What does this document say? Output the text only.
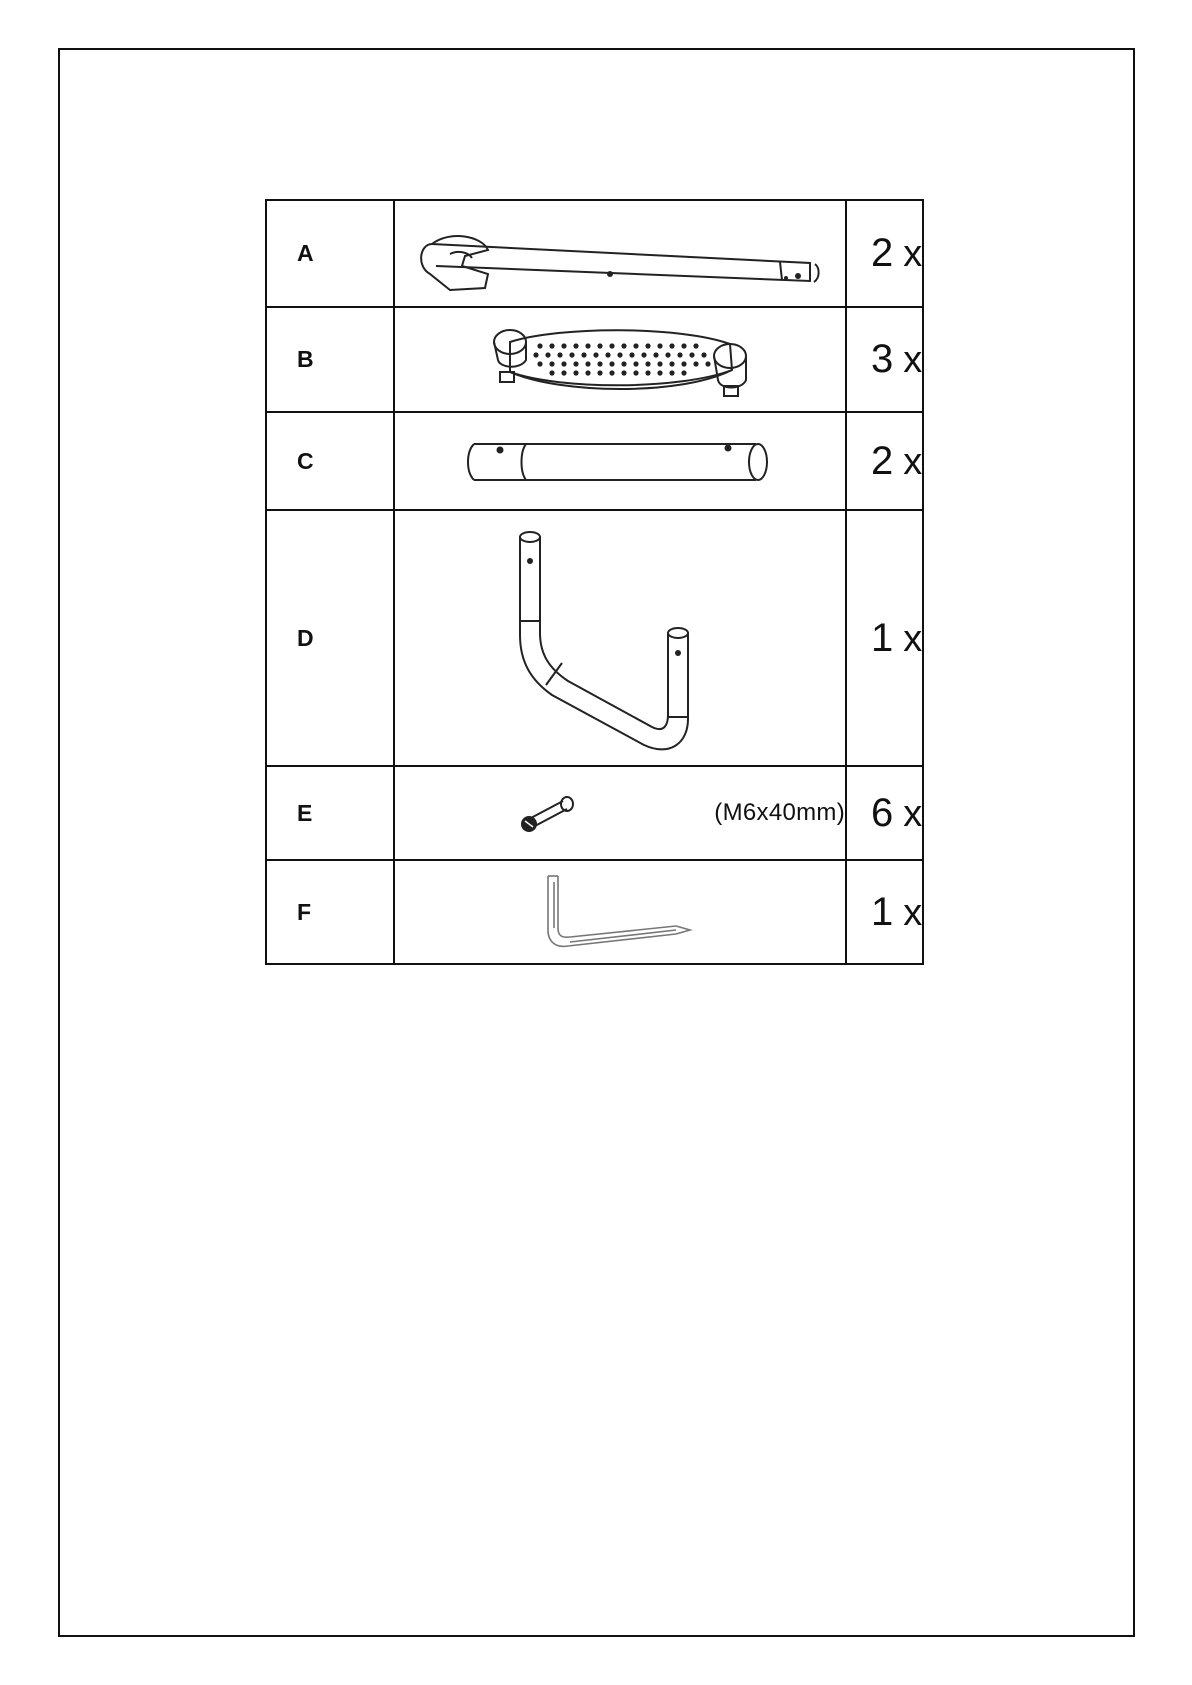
A		2 x
B		3 x
C		2 x
D		1 x
E	(M6x40mm)	6 x
F		1 x
